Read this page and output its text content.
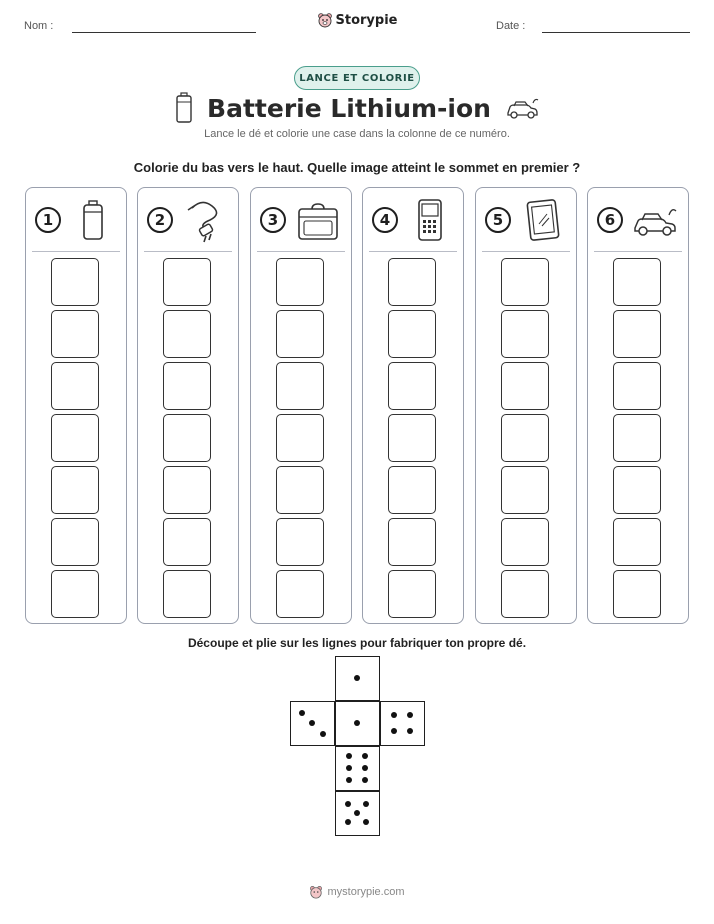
Nom :	Storypie	Date :
LANCE ET COLORIE
Batterie Lithium-ion
Lance le dé et colorie une case dans la colonne de ce numéro.
Colorie du bas vers le haut. Quelle image atteint le sommet en premier ?
1	2	3	4	5	6
Découpe et plie sur les lignes pour fabriquer ton propre dé.
mystorypie.com
